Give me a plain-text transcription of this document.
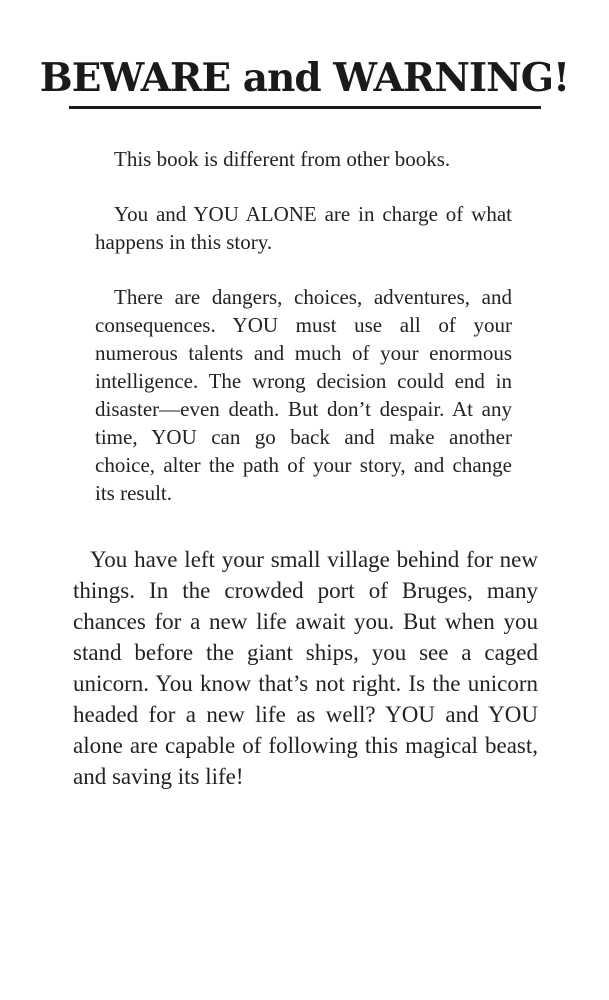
BEWARE and WARNING!

This book is different from other books.

You and YOU ALONE are in charge of what happens in this story.

There are dangers, choices, adventures, and consequences. YOU must use all of your numerous talents and much of your enormous intelligence. The wrong decision could end in disaster—even death. But don’t despair. At any time, YOU can go back and make another choice, alter the path of your story, and change its result.

You have left your small village behind for new things. In the crowded port of Bruges, many chances for a new life await you. But when you stand before the giant ships, you see a caged unicorn. You know that’s not right. Is the unicorn headed for a new life as well? YOU and YOU alone are capable of following this magical beast, and saving its life!
